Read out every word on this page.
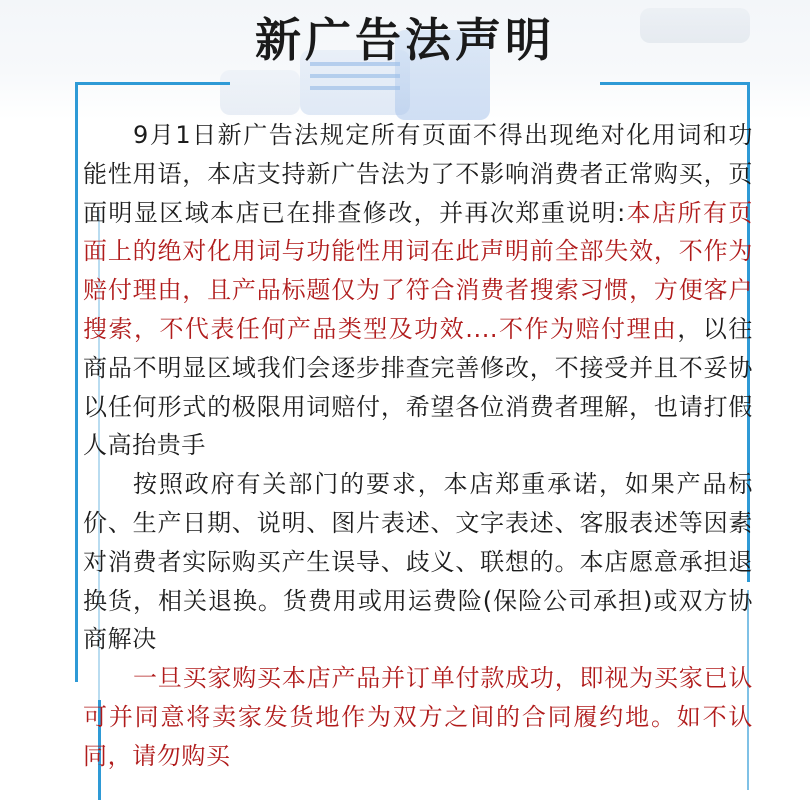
新广告法声明

9月1日新广告法规定所有页面不得出现绝对化用词和功能性用语，本店支持新广告法为了不影响消费者正常购买，页面明显区域本店已在排查修改，并再次郑重说明:本店所有页面上的绝对化用词与功能性用词在此声明前全部失效，不作为赔付理由，且产品标题仅为了符合消费者搜索习惯，方便客户搜索，不代表任何产品类型及功效....不作为赔付理由，以往商品不明显区域我们会逐步排查完善修改，不接受并且不妥协以任何形式的极限用词赔付，希望各位消费者理解，也请打假人高抬贵手

按照政府有关部门的要求，本店郑重承诺，如果产品标价、生产日期、说明、图片表述、文字表述、客服表述等因素对消费者实际购买产生误导、歧义、联想的。本店愿意承担退换货，相关退换。货费用或用运费险(保险公司承担)或双方协商解决

一旦买家购买本店产品并订单付款成功，即视为买家已认可并同意将卖家发货地作为双方之间的合同履约地。如不认同，请勿购买
